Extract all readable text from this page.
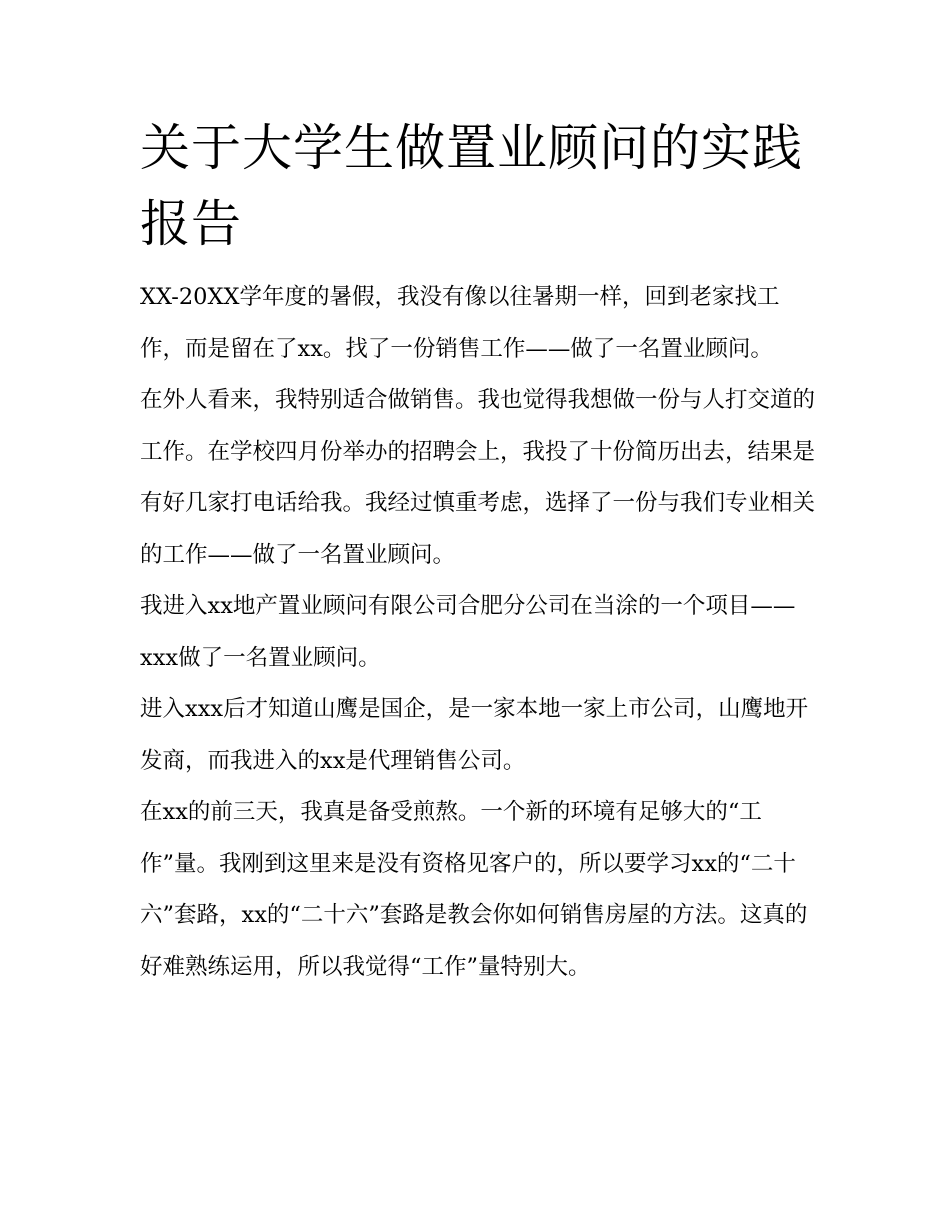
关于大学生做置业顾问的实践报告

XX-20XX学年度的暑假，我没有像以往暑期一样，回到老家找工作，而是留在了xx。找了一份销售工作——做了一名置业顾问。

在外人看来，我特别适合做销售。我也觉得我想做一份与人打交道的工作。在学校四月份举办的招聘会上，我投了十份简历出去，结果是有好几家打电话给我。我经过慎重考虑，选择了一份与我们专业相关的工作——做了一名置业顾问。

我进入xx地产置业顾问有限公司合肥分公司在当涂的一个项目——xxx做了一名置业顾问。

进入xxx后才知道山鹰是国企，是一家本地一家上市公司，山鹰地开发商，而我进入的xx是代理销售公司。

在xx的前三天，我真是备受煎熬。一个新的环境有足够大的“工作”量。我刚到这里来是没有资格见客户的，所以要学习xx的“二十六”套路，xx的“二十六”套路是教会你如何销售房屋的方法。这真的好难熟练运用，所以我觉得“工作”量特别大。
